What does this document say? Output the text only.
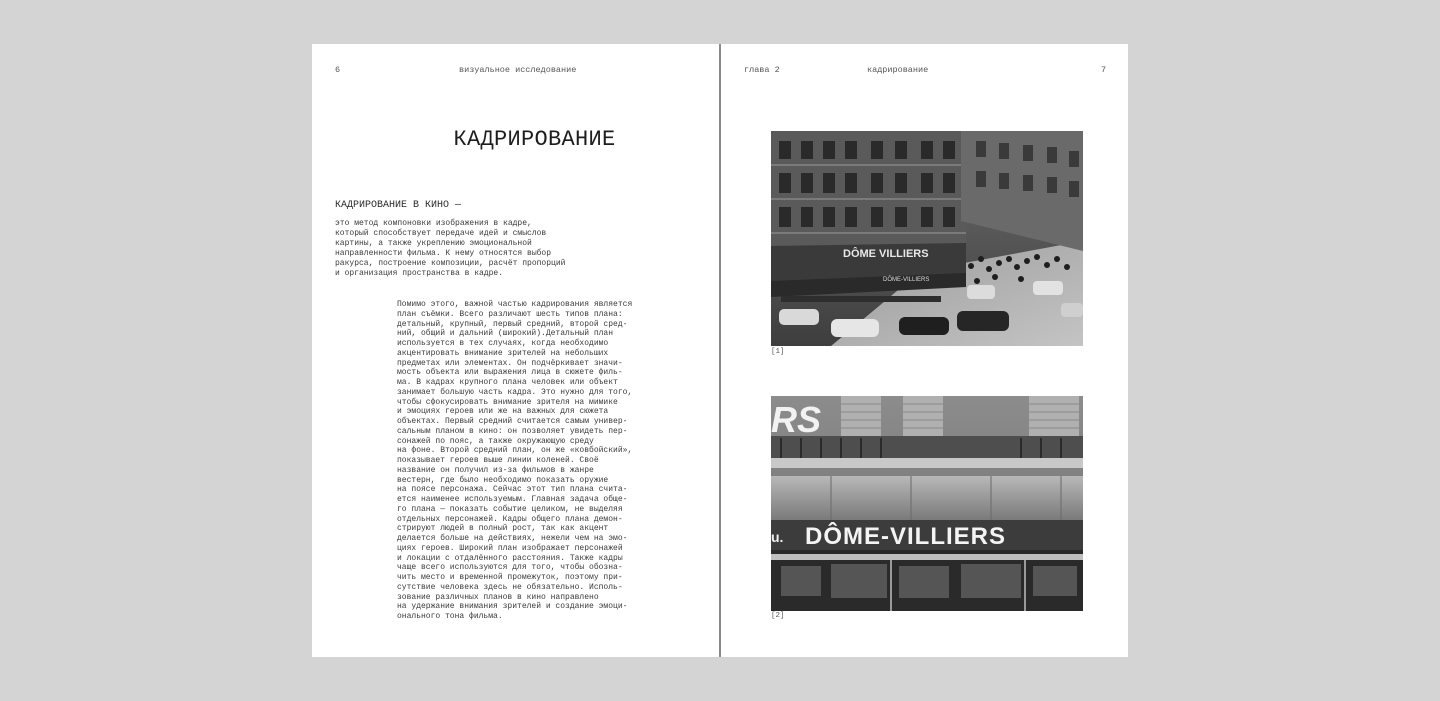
6	визуальное исследование
КАДРИРОВАНИЕ
КАДРИРОВАНИЕ В КИНО —
это метод компоновки изображения в кадре,
который способствует передаче идей и смыслов
картины, а также укреплению эмоциональной
направленности фильма. К нему относятся выбор
ракурса, построение композиции, расчёт пропорций
и организация пространства в кадре.
Помимо этого, важной частью кадрирования является
план съёмки. Всего различают шесть типов плана:
детальный, крупный, первый средний, второй сред-
ний, общий и дальний (широкий).Детальный план
используется в тех случаях, когда необходимо
акцентировать внимание зрителей на небольших
предметах или элементах. Он подчёркивает значи-
мость объекта или выражения лица в сюжете филь-
ма. В кадрах крупного плана человек или объект
занимает большую часть кадра. Это нужно для того,
чтобы сфокусировать внимание зрителя на мимике
и эмоциях героев или же на важных для сюжета
объектах. Первый средний считается самым универ-
сальным планом в кино: он позволяет увидеть пер-
сонажей по пояс, а также окружающую среду
на фоне. Второй средний план, он же «ковбойский»,
показывает героев выше линии коленей. Своё
название он получил из-за фильмов в жанре
вестерн, где было необходимо показать оружие
на поясе персонажа. Сейчас этот тип плана счита-
ется наименее используемым. Главная задача обще-
го плана — показать событие целиком, не выделяя
отдельных персонажей. Кадры общего плана демон-
стрируют людей в полный рост, так как акцент
делается больше на действиях, нежели чем на эмо-
циях героев. Широкий план изображает персонажей
и локации с отдалённого расстояния. Также кадры
чаще всего используются для того, чтобы обозна-
чить место и временной промежуток, поэтому при-
сутствие человека здесь не обязательно. Исполь-
зование различных планов в кино направлено
на удержание внимания зрителей и создание эмоци-
онального тона фильма.
глава 2	кадрирование	7
DÔME VILLIERS
DÔME-VILLIERS
[1]
RS
u. DÔME-VILLIERS
[2]
